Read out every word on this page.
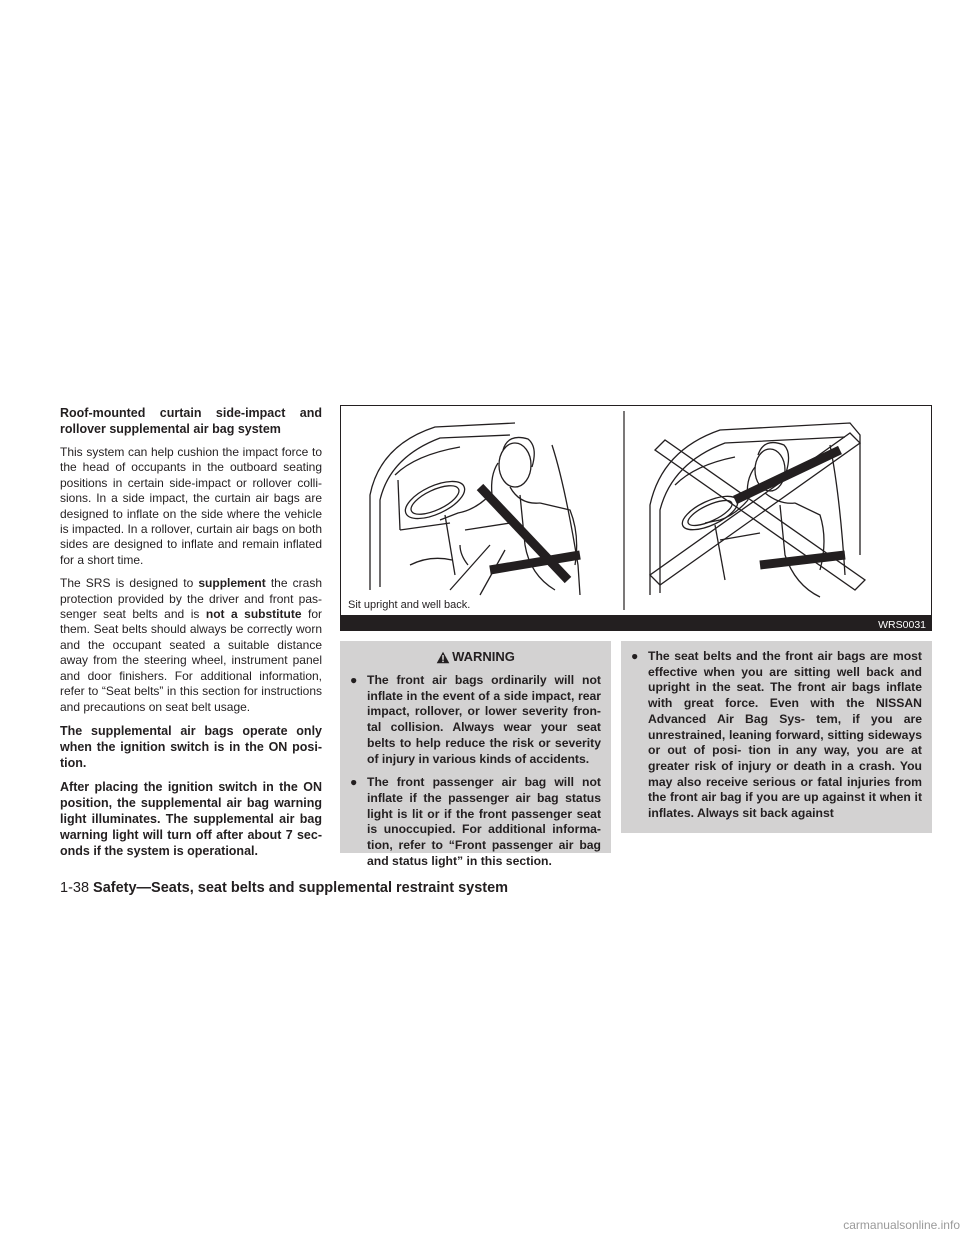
Roof-mounted curtain side-impact and rollover supplemental air bag system

This system can help cushion the impact force to the head of occupants in the outboard seating positions in certain side-impact or rollover colli- sions. In a side impact, the curtain air bags are designed to inflate on the side where the vehicle is impacted. In a rollover, curtain air bags on both sides are designed to inflate and remain inflated for a short time.

The SRS is designed to supplement the crash protection provided by the driver and front pas- senger seat belts and is not a substitute for them. Seat belts should always be correctly worn and the occupant seated a suitable distance away from the steering wheel, instrument panel and door finishers. For additional information, refer to “Seat belts” in this section for instructions and precautions on seat belt usage.

The supplemental air bags operate only when the ignition switch is in the ON posi- tion.

After placing the ignition switch in the ON position, the supplemental air bag warning light illuminates. The supplemental air bag warning light will turn off after about 7 sec- onds if the system is operational.

Sit upright and well back.
WRS0031
WARNING
● The front air bags ordinarily will not inflate in the event of a side impact, rear impact, rollover, or lower severity fron- tal collision. Always wear your seat belts to help reduce the risk or severity of injury in various kinds of accidents.
● The front passenger air bag will not inflate if the passenger air bag status light is lit or if the front passenger seat is unoccupied. For additional informa- tion, refer to “Front passenger air bag and status light” in this section.
● The seat belts and the front air bags are most effective when you are sitting well back and upright in the seat. The front air bags inflate with great force. Even with the NISSAN Advanced Air Bag Sys- tem, if you are unrestrained, leaning forward, sitting sideways or out of posi- tion in any way, you are at greater risk of injury or death in a crash. You may also receive serious or fatal injuries from the front air bag if you are up against it when it inflates. Always sit back against
1-38 Safety—Seats, seat belts and supplemental restraint system
carmanualsonline.info
